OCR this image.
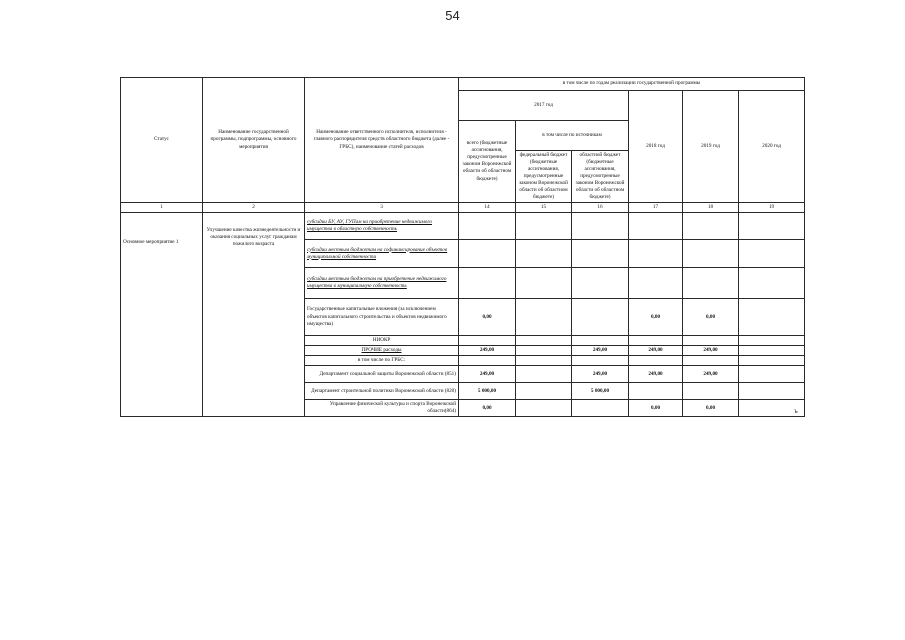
54
Статус	Наименование государственной программы, подпрограммы, основного мероприятия	Наименование ответственного исполнителя, исполнителя - главного распорядителя средств областного бюджета (далее - ГРБС), наименование статей расходов	в том числе по годам реализации государственной программы					
			2017 год			2018 год	2019 год	2020 год
			всего (бюджетные ассигнования, предусмотренные законом Воронежской области об областном бюджете)	в том числе по источникам				
				федеральный бюджет (бюджетные ассигнования, предусмотренные законом Воронежской области об областном бюджете)	областной бюджет (бюджетные ассигнования, предусмотренные законом Воронежской области об областном бюджете)			
1	2	3	14	15	16	17	18	19
Основное мероприятие 1	Улучшение качества жизнедеятельности и оказания социальных услуг гражданам пожилого возраста	субсидии БУ, АУ, ГУПам на приобретение недвижимого имущества в областную собственность						
		субсидии местным бюджетам на софинансирование объектов муниципальной собственности						
		субсидии местным бюджетам на приобретение недвижимого имущества в муниципальную собственность						
		Государственные капитальные вложения (за исключением объектов капитального строительства и объектов недвижимого имущества)	0,00			0,00	0,00	
		НИОКР						
		ПРОЧИЕ расходы	249,00		249,00	249,00	249,00	
		в том числе по ГРБС:						
		Департамент социальной защиты Воронежской области (851)	249,00		249,00	249,00	249,00	
		Департамент строительной политики Воронежской области (820)	5 000,00		5 000,00			
		Управление физической культуры и спорта Воронежской области(864)	0,00			0,00	0,00	
ъ
